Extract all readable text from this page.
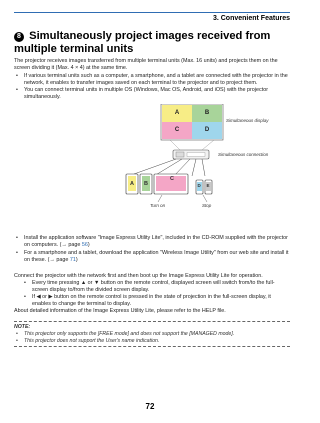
3. Convenient Features
8 Simultaneously project images received from multiple terminal units
The projector receives images transferred from multiple terminal units (Max. 16 units) and projects them on the screen dividing it (Max. 4 × 4) at the same time.
• If various terminal units such as a computer, a smartphone, and a tablet are connected with the projector in the network, it enables to transfer images saved on each terminal to the projector and to project them.
• You can connect terminal units in multiple OS (Windows, Mac OS, Android, and iOS) with the projector simultaneously.
A	B
C	D
C
A B	D E
Simultaneous display
Simultaneous connection
Turn on	Stop
• Install the application software "Image Express Utility Lite", included in the CD-ROM supplied with the projector on computers. (→ page 56)
• For a smartphone and a tablet, download the application "Wireless Image Utility" from our web site and install it on these. (→ page 71)
Connect the projector with the network first and then boot up the Image Express Utility Lite for operation.
• Every time pressing ▲ or ▼ button on the remote control, displayed screen will switch from/to the full-screen display to/from the divided screen display.
• If ◀ or ▶ button on the remote control is pressed in the state of projection in the full-screen display, it enables to change the terminal to display.
About detailed information of the Image Express Utility Lite, please refer to the HELP file.
NOTE:
• This projector only supports the [FREE mode] and does not support the [MANAGED mode].
• This projector does not support the User's name indication.
72
